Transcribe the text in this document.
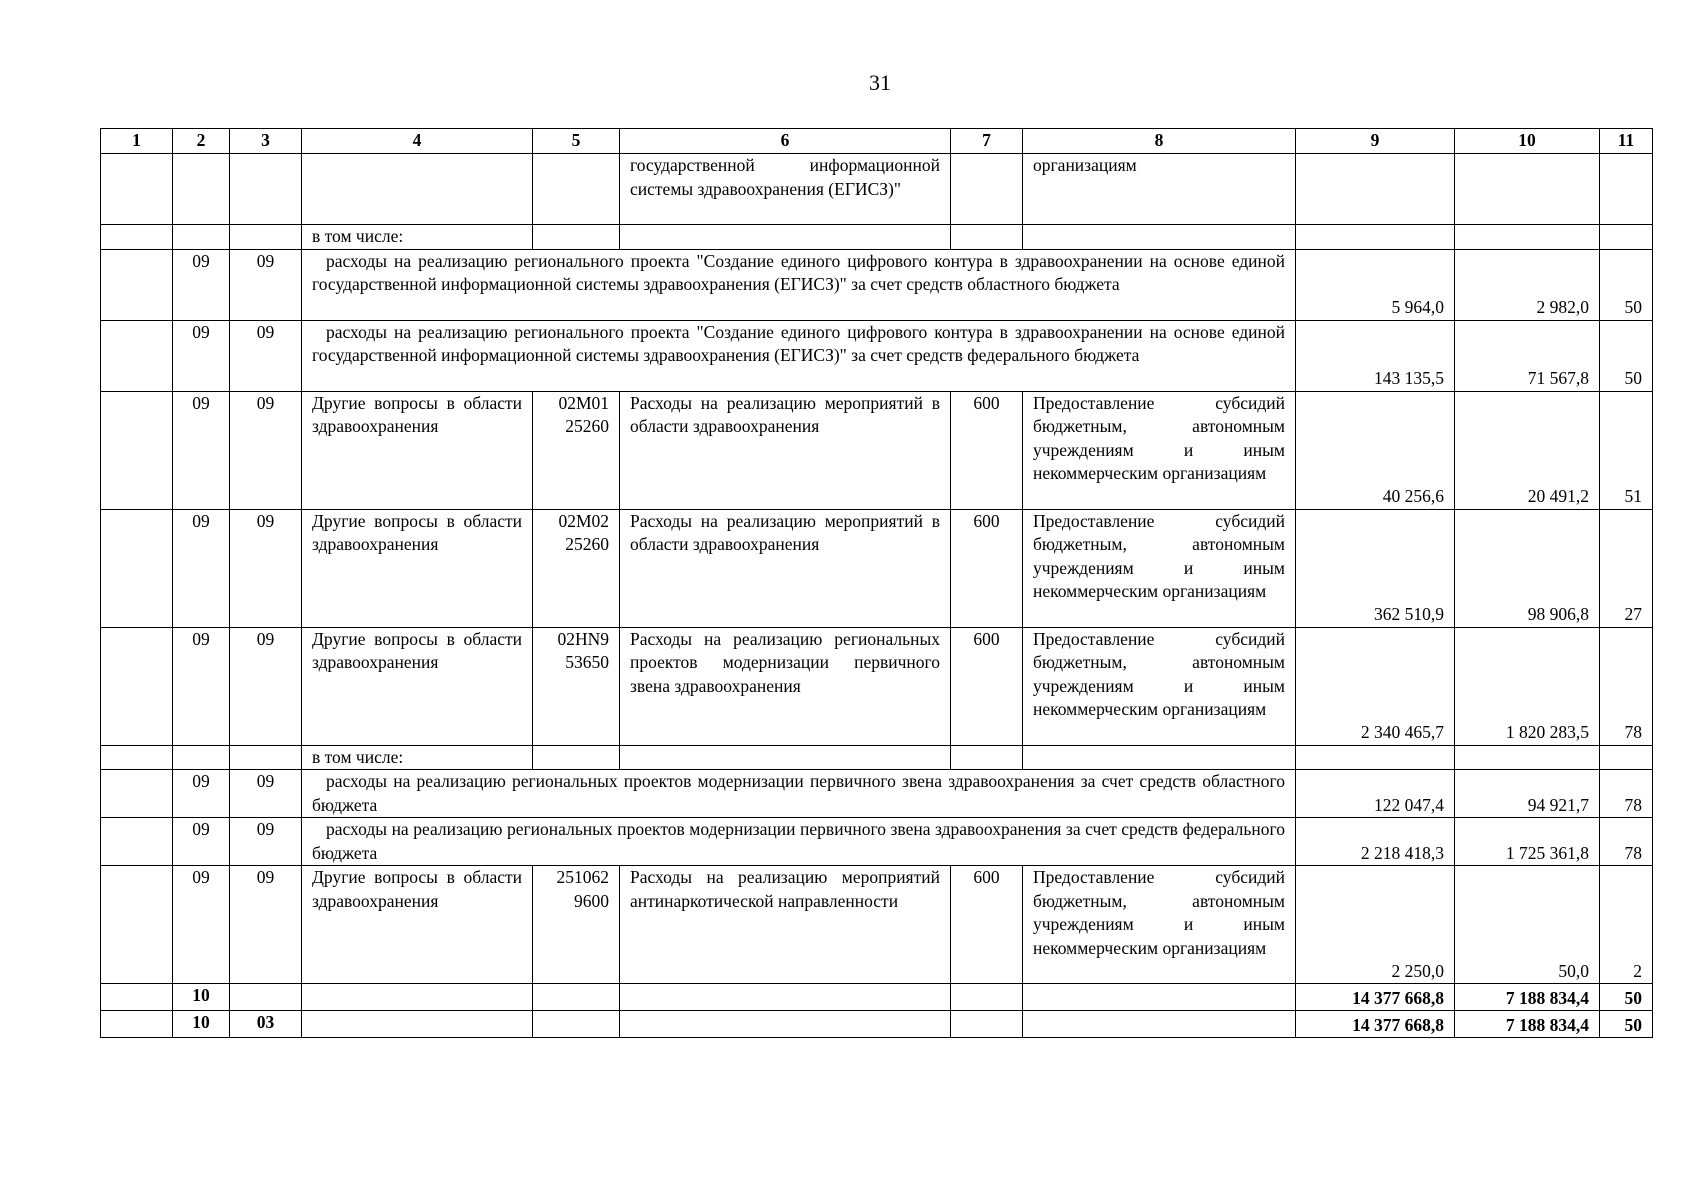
31
1	2	3	4	5	6	7	8	9	10	11
					государственной информационной системы здравоохранения (ЕГИСЗ)"		организациям			
			в том числе:							
	09	09	расходы на реализацию регионального проекта "Создание единого цифрового контура в здравоохранении на основе единой государственной информационной системы здравоохранения (ЕГИСЗ)" за счет средств областного бюджета					5 964,0	2 982,0	50
	09	09	расходы на реализацию регионального проекта "Создание единого цифрового контура в здравоохранении на основе единой государственной информационной системы здравоохранения (ЕГИСЗ)" за счет средств федерального бюджета					143 135,5	71 567,8	50
	09	09	Другие вопросы в области здравоохранения	02М01
25260	Расходы на реализацию мероприятий в области здравоохранения	600	Предоставление субсидий бюджетным, автономным учреждениям и иным некоммерческим организациям	40 256,6	20 491,2	51
	09	09	Другие вопросы в области здравоохранения	02М02
25260	Расходы на реализацию мероприятий в области здравоохранения	600	Предоставление субсидий бюджетным, автономным учреждениям и иным некоммерческим организациям	362 510,9	98 906,8	27
	09	09	Другие вопросы в области здравоохранения	02НN9
53650	Расходы на реализацию региональных проектов модернизации первичного звена здравоохранения	600	Предоставление субсидий бюджетным, автономным учреждениям и иным некоммерческим организациям	2 340 465,7	1 820 283,5	78
			в том числе:							
	09	09	расходы на реализацию региональных проектов модернизации первичного звена здравоохранения за счет средств областного бюджета					122 047,4	94 921,7	78
	09	09	расходы на реализацию региональных проектов модернизации первичного звена здравоохранения за счет средств федерального бюджета					2 218 418,3	1 725 361,8	78
	09	09	Другие вопросы в области здравоохранения	251062
9600	Расходы на реализацию мероприятий антинаркотической направленности	600	Предоставление субсидий бюджетным, автономным учреждениям и иным некоммерческим организациям	2 250,0	50,0	2
	10							14 377 668,8	7 188 834,4	50
	10	03						14 377 668,8	7 188 834,4	50
